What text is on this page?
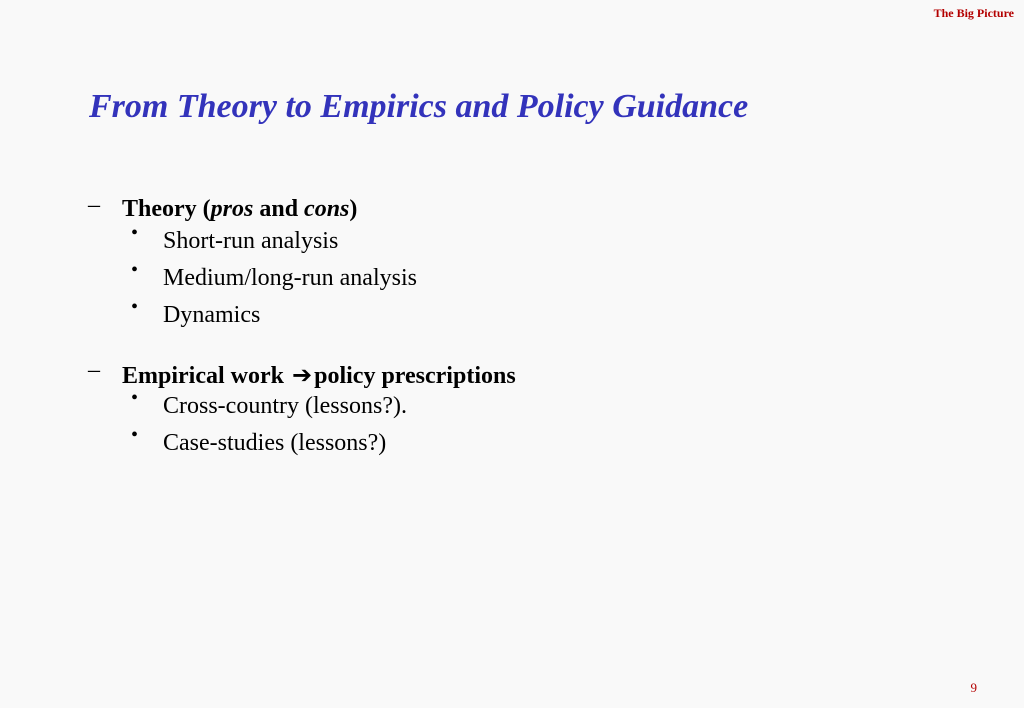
The Big Picture
From Theory to Empirics and Policy Guidance
– Theory (pros and cons)
• Short-run analysis
• Medium/long-run analysis
• Dynamics
– Empirical work ➔policy prescriptions
• Cross-country (lessons?).
• Case-studies (lessons?)
9
